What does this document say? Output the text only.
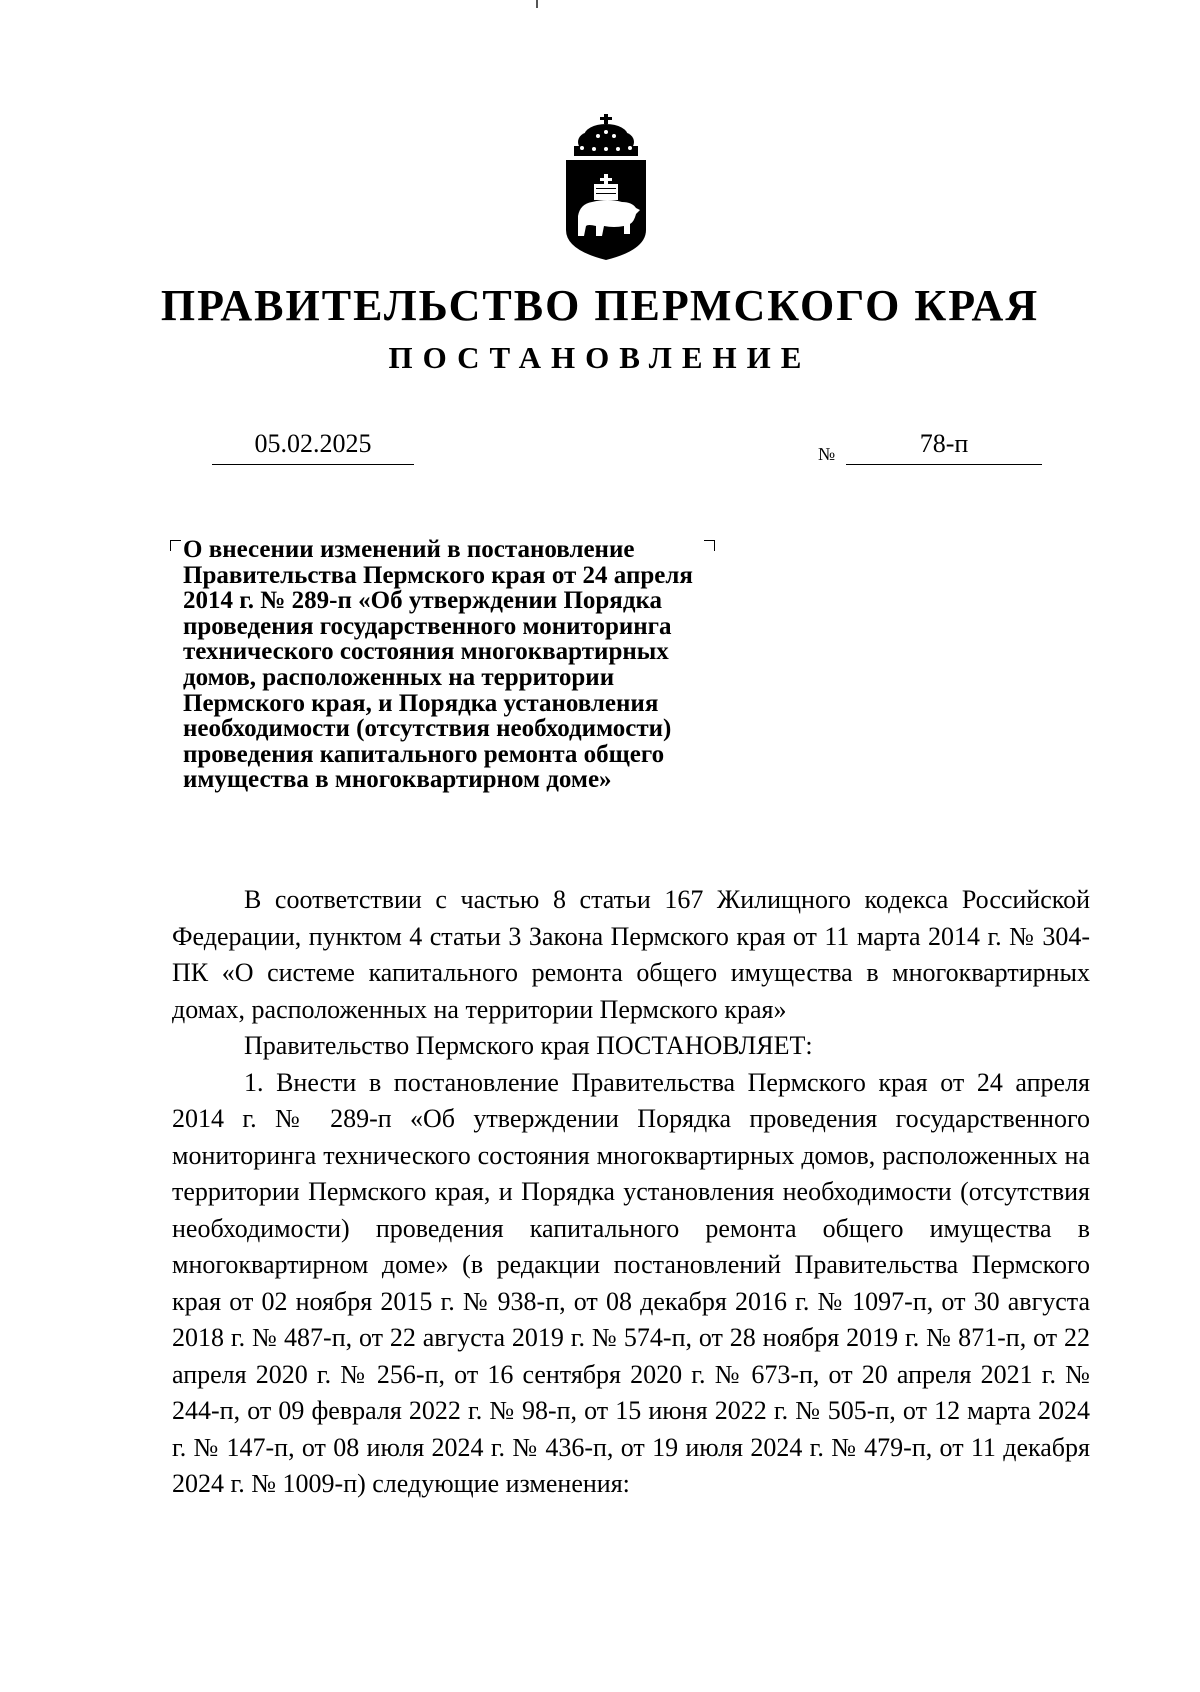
ПРАВИТЕЛЬСТВО ПЕРМСКОГО КРАЯ
ПОСТАНОВЛЕНИЕ
05.02.2025	№	78-п
О внесении изменений в постановление
Правительства Пермского края от 24 апреля
2014 г. № 289-п «Об утверждении Порядка
проведения государственного мониторинга
технического состояния многоквартирных
домов, расположенных на территории
Пермского края, и Порядка установления
необходимости (отсутствия необходимости)
проведения капитального ремонта общего
имущества в многоквартирном доме»

В соответствии с частью 8 статьи 167 Жилищного кодекса Российской Федерации, пунктом 4 статьи 3 Закона Пермского края от 11 марта 2014 г. № 304-ПК «О системе капитального ремонта общего имущества в многоквартирных домах, расположенных на территории Пермского края»

Правительство Пермского края ПОСТАНОВЛЯЕТ:

1. Внести в постановление Правительства Пермского края от 24 апреля 2014 г. № 289-п «Об утверждении Порядка проведения государственного мониторинга технического состояния многоквартирных домов, расположенных на территории Пермского края, и Порядка установления необходимости (отсутствия необходимости) проведения капитального ремонта общего имущества в многоквартирном доме» (в редакции постановлений Правительства Пермского края от 02 ноября 2015 г. № 938-п, от 08 декабря 2016 г. № 1097-п, от 30 августа 2018 г. № 487-п, от 22 августа 2019 г. № 574-п, от 28 ноября 2019 г. № 871-п, от 22 апреля 2020 г. № 256-п, от 16 сентября 2020 г. № 673-п, от 20 апреля 2021 г. № 244-п, от 09 февраля 2022 г. № 98-п, от 15 июня 2022 г. № 505-п, от 12 марта 2024 г. № 147-п, от 08 июля 2024 г. № 436-п, от 19 июля 2024 г. № 479-п, от 11 декабря 2024 г. № 1009-п) следующие изменения:
